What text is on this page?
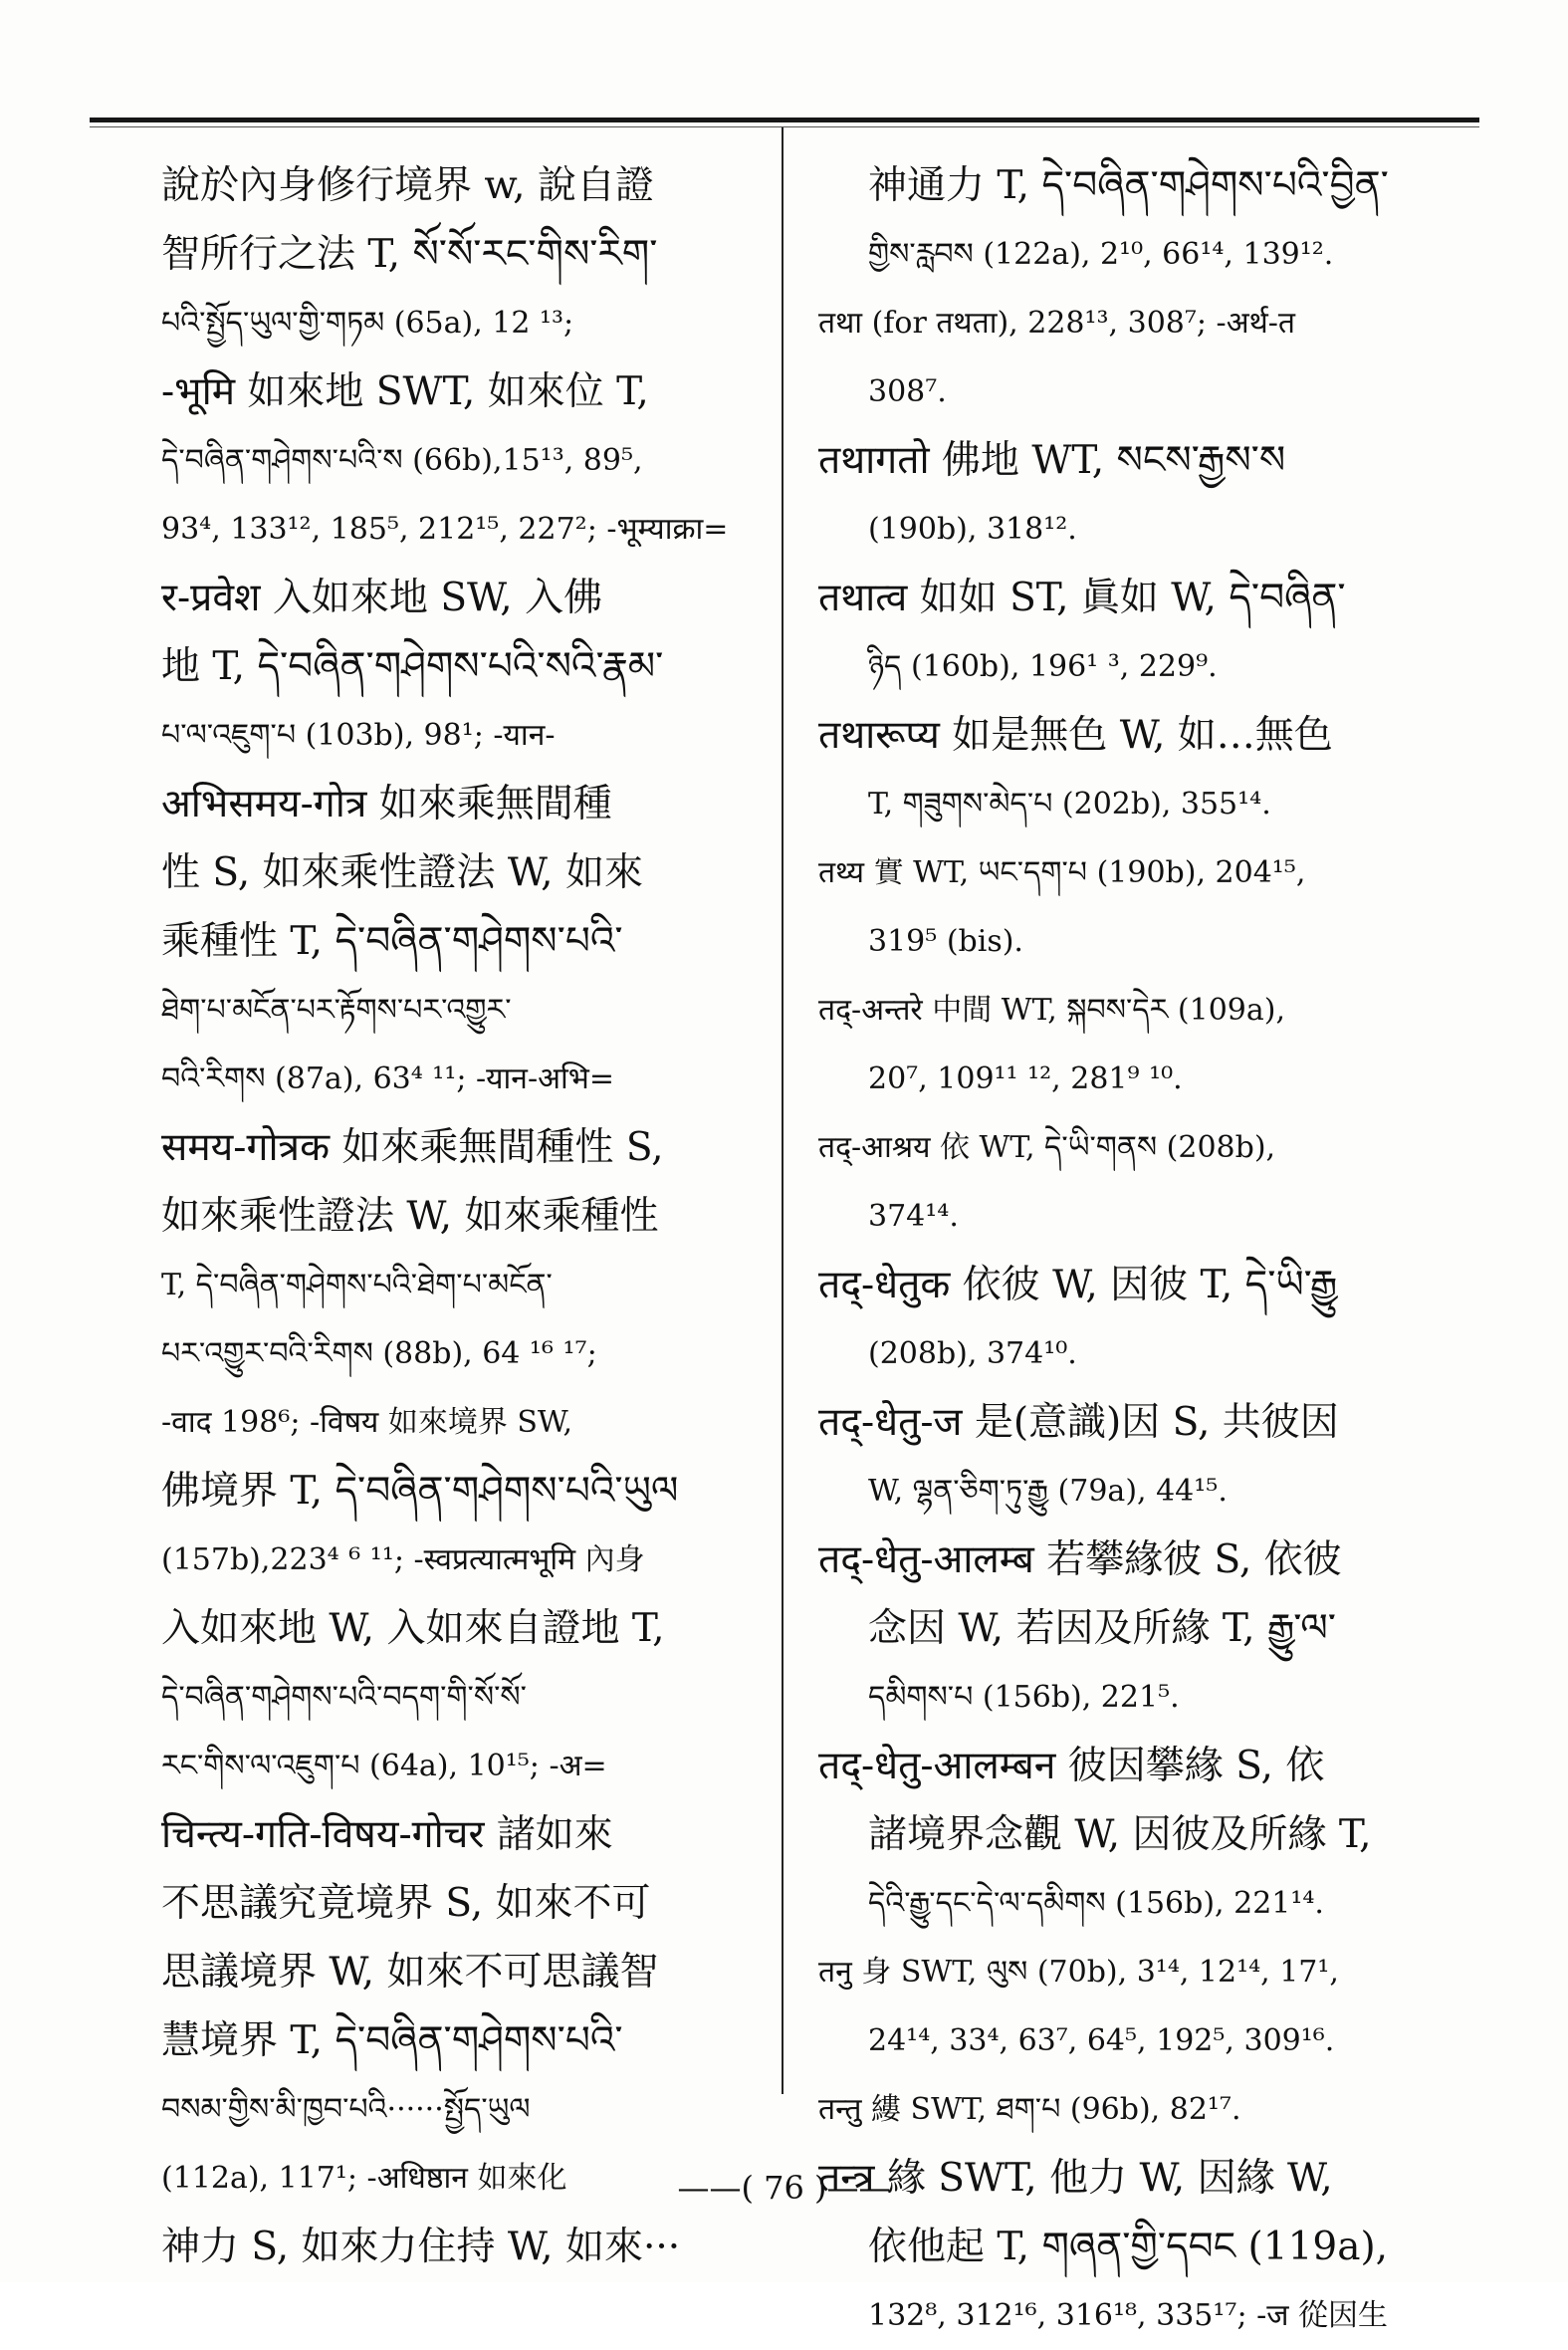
說於內身修行境界 w, 說自證
智所行之法 T, སོ་སོ་རང་གིས་རིག་
པའི་སྤྱོད་ཡུལ་གྱི་གཏམ (65a), 12 ¹³;
-भूमि 如來地 SWT, 如來位 T,
དེ་བཞིན་གཤེགས་པའི་ས (66b),15¹³, 89⁵,
93⁴, 133¹², 185⁵, 212¹⁵, 227²; -भूम्याक्रा=
र-प्रवेश 入如來地 SW, 入佛
地 T, དེ་བཞིན་གཤེགས་པའི་སའི་རྣམ་
པ་ལ་འཇུག་པ (103b), 98¹; -यान-
अभिसमय-गोत्र 如來乘無間種
性 S, 如來乘性證法 W, 如來
乘種性 T, དེ་བཞིན་གཤེགས་པའི་
ཐེག་པ་མངོན་པར་རྟོགས་པར་འགྱུར་
བའི་རིགས (87a), 63⁴ ¹¹; -यान-अभि=
समय-गोत्रक 如來乘無間種性 S,
如來乘性證法 W, 如來乘種性
T, དེ་བཞིན་གཤེགས་པའི་ཐེག་པ་མངོན་
པར་འགྱུར་བའི་རིགས (88b), 64 ¹⁶ ¹⁷;
-वाद 198⁶; -विषय 如來境界 SW,
佛境界 T, དེ་བཞིན་གཤེགས་པའི་ཡུལ
(157b),223⁴ ⁶ ¹¹; -स्वप्रत्यात्मभूमि 內身
入如來地 W, 入如來自證地 T,
དེ་བཞིན་གཤེགས་པའི་བདག་གི་སོ་སོ་
རང་གིས་ལ་འཇུག་པ (64a), 10¹⁵; -अ=
चिन्त्य-गति-विषय-गोचर 諸如來
不思議究竟境界 S, 如來不可
思議境界 W, 如來不可思議智
慧境界 T, དེ་བཞིན་གཤེགས་པའི་
བསམ་གྱིས་མི་ཁྱབ་པའི······སྤྱོད་ཡུལ
(112a), 117¹; -अधिष्ठान 如來化
神力 S, 如來力住持 W, 如來···
神通力 T, དེ་བཞིན་གཤེགས་པའི་བྱིན་
གྱིས་རླབས (122a), 2¹⁰, 66¹⁴, 139¹².
तथा (for तथता), 228¹³, 308⁷; -अर्थ-त
308⁷.
तथागतो 佛地 WT, སངས་རྒྱས་ས
(190b), 318¹².
तथात्व 如如 ST, 眞如 W, དེ་བཞིན་
ཉིད (160b), 196¹ ³, 229⁹.
तथारूप्य 如是無色 W, 如…無色
T, གཟུགས་མེད་པ (202b), 355¹⁴.
तथ्य 實 WT, ཡང་དག་པ (190b), 204¹⁵,
319⁵ (bis).
तद्-अन्तरे 中間 WT, སྐབས་དེར (109a),
20⁷, 109¹¹ ¹², 281⁹ ¹⁰.
तद्-आश्रय 依 WT, དེ་ཡི་གནས (208b),
374¹⁴.
तद्-धेतुक 依彼 W, 因彼 T, དེ་ཡི་རྒྱུ
(208b), 374¹⁰.
तद्-धेतु-ज 是(意識)因 S, 共彼因
W, ལྷན་ཅིག་ཏུ་རྒྱུ (79a), 44¹⁵.
तद्-धेतु-आलम्ब 若攀緣彼 S, 依彼
念因 W, 若因及所緣 T, རྒྱུ་ལ་
དམིགས་པ (156b), 221⁵.
तद्-धेतु-आलम्बन 彼因攀緣 S, 依
諸境界念觀 W, 因彼及所緣 T,
དེའི་རྒྱུ་དང་དེ་ལ་དམིགས (156b), 221¹⁴.
तनु 身 SWT, ལུས (70b), 3¹⁴, 12¹⁴, 17¹,
24¹⁴, 33⁴, 63⁷, 64⁵, 192⁵, 309¹⁶.
तन्तु 縷 SWT, ཐག་པ (96b), 82¹⁷.
तन्त्र 緣 SWT, 他力 W, 因緣 W,
依他起 T, གཞན་གྱི་དབང (119a),
132⁸, 312¹⁶, 316¹⁸, 335¹⁷; -ज 從因生
——( 76 )——
